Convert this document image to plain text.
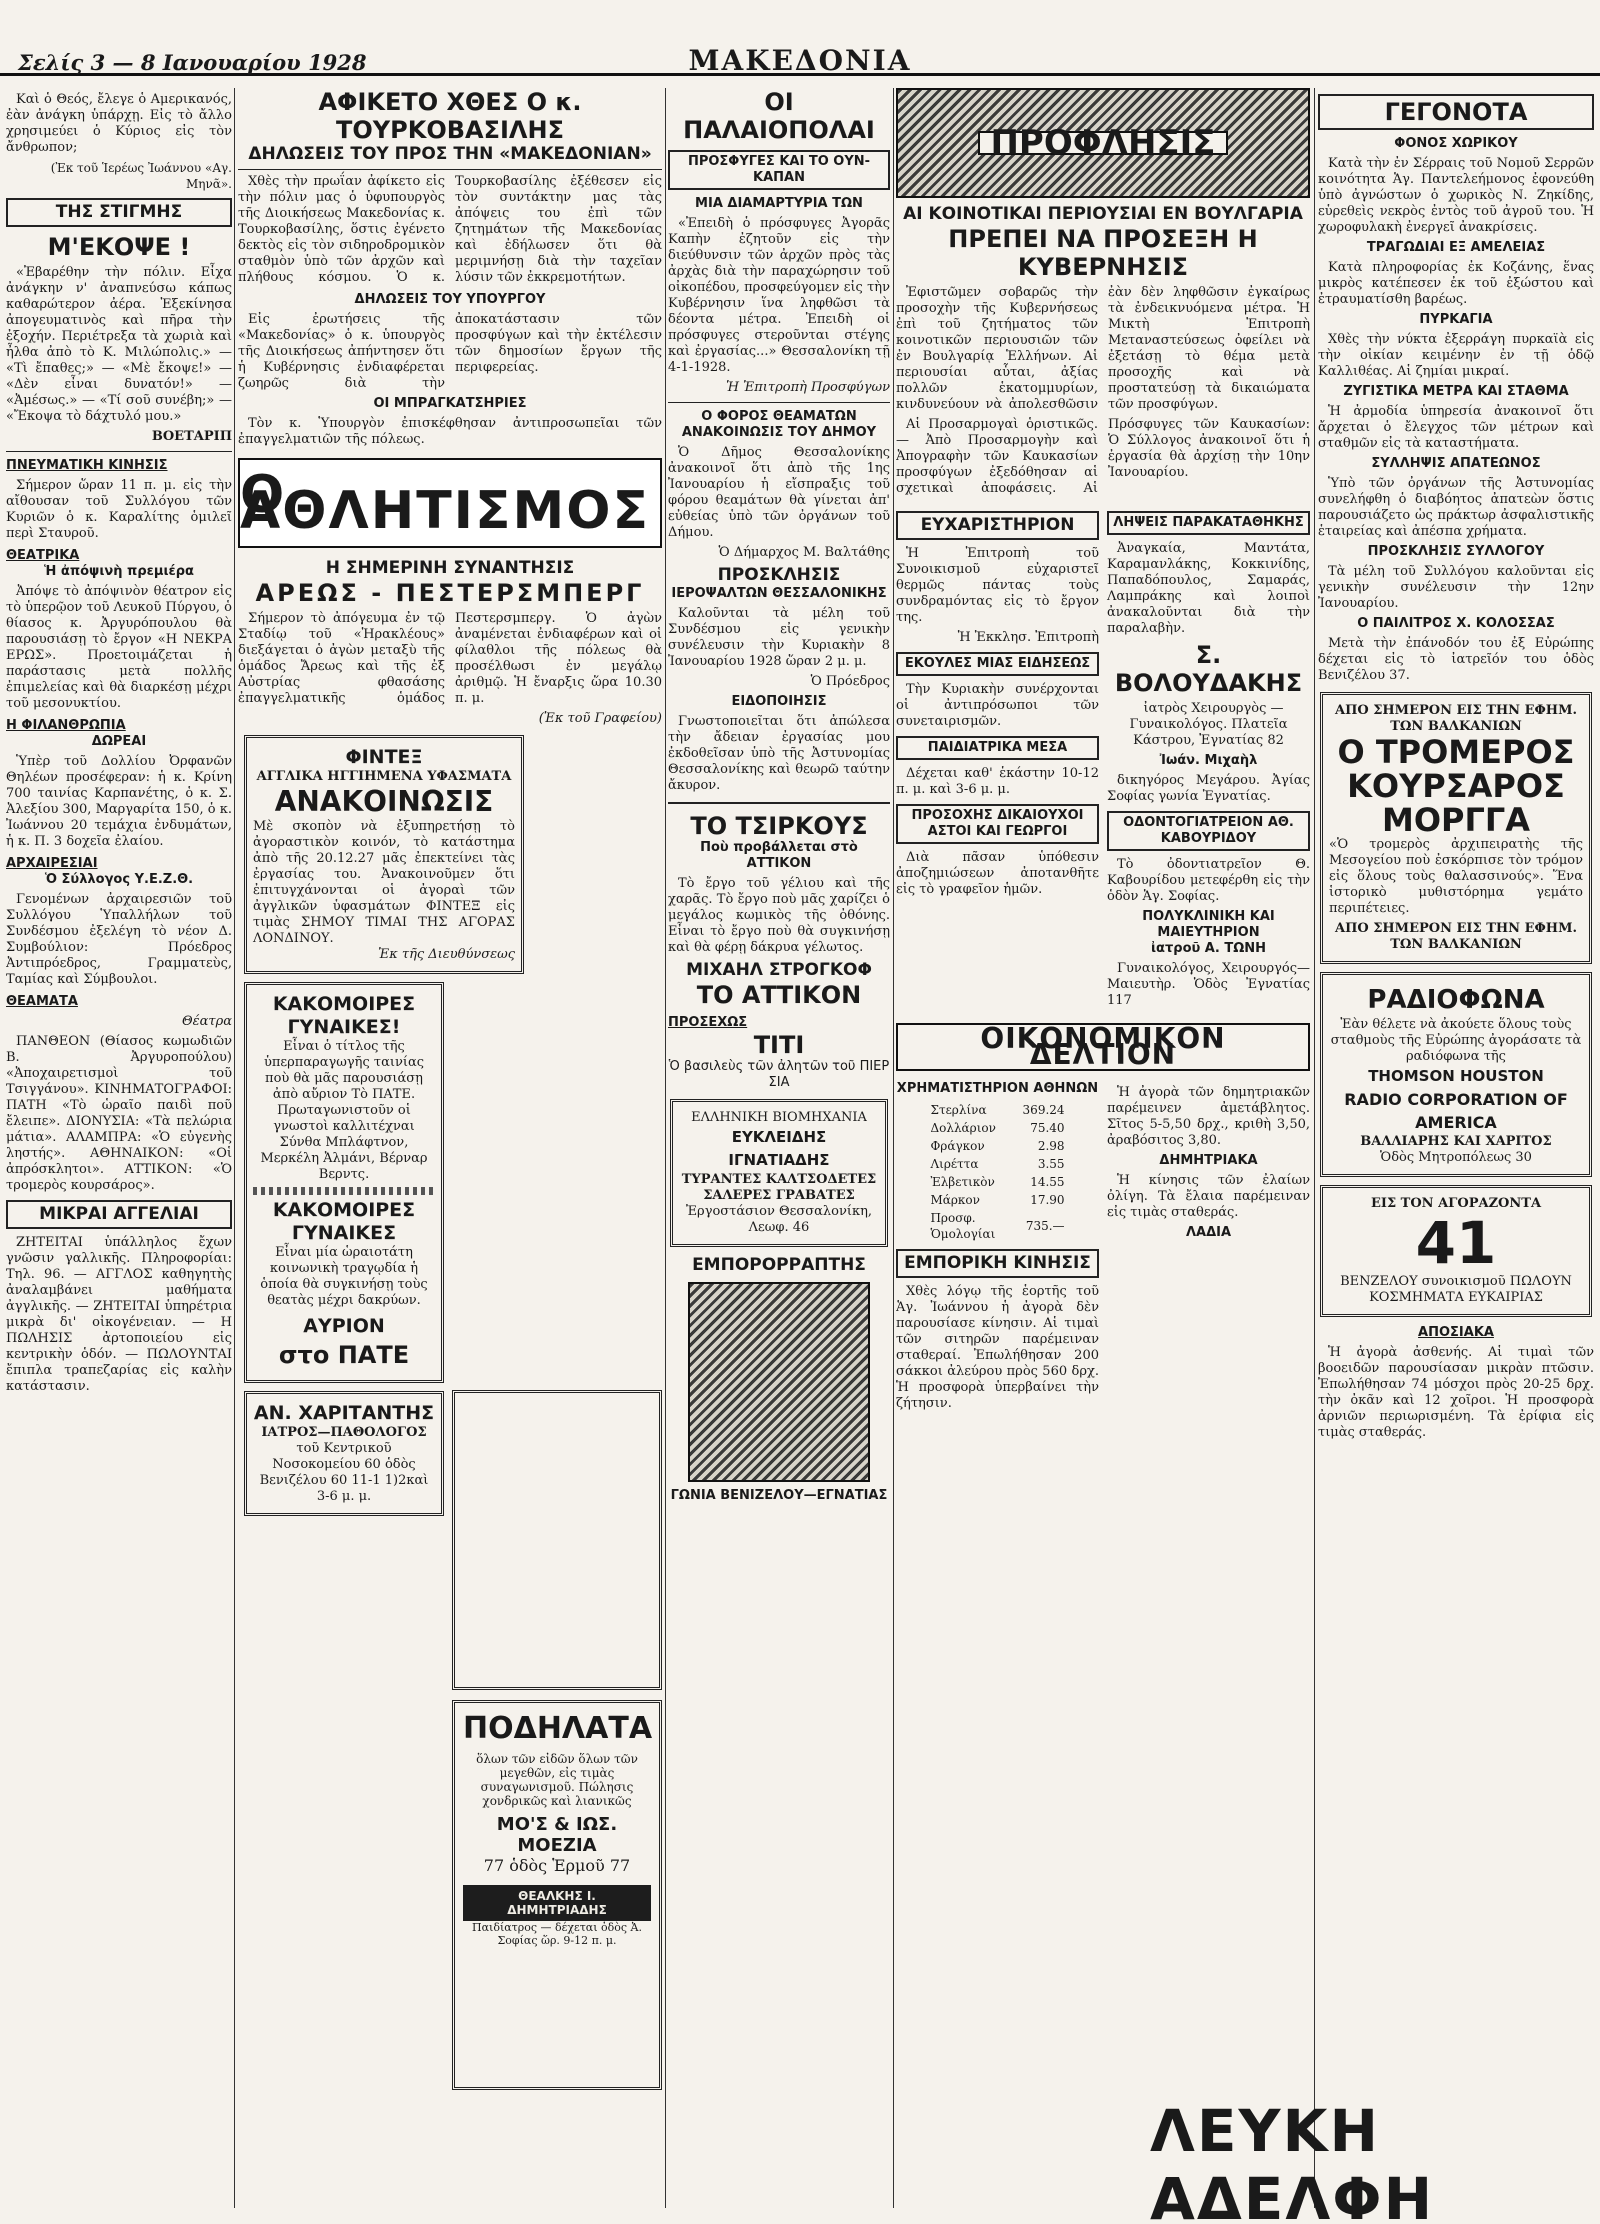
Σελίς 3 — 8 Ιανουαρίου 1928	ΜΑΚΕΔΟΝΙΑ
Καὶ ὁ Θεός, ἔλεγε ὁ Αμερικανός, ἐὰν ἀνάγκη ὑπάρχῃ. Εἰς τὸ ἄλλο χρησιμεύει ὁ Κύριος εἰς τὸν ἄνθρωπον;
(Ἐκ τοῦ Ἱερέως Ἰωάννου «Αγ. Μηνᾶ».
ΤΗΣ ΣΤΙΓΜΗΣ
Μ'ΕΚΟΨΕ !
«Ἐβαρέθην τὴν πόλιν. Εἶχα ἀνάγκην ν' ἀναπνεύσω κάπως καθαρώτερον ἀέρα. Ἐξεκίνησα ἀπογευματινὸς καὶ πῆρα τὴν ἐξοχήν. Περιέτρεξα τὰ χωριὰ καὶ ἦλθα ἀπὸ τὸ Κ. Μιλώπολις.» — «Τὶ ἔπαθες;» — «Μὲ ἔκοψε!» — «Δὲν εἶναι δυνατόν!» — «Ἀμέσως.» — «Τί σοῦ συνέβη;» — «Ἔκοψα τὸ δάχτυλό μου.»
ΒΟΕΤΑΡΙΠ
ΠΝΕΥΜΑΤΙΚΗ ΚΙΝΗΣΙΣ
Σήμερον ὥραν 11 π. μ. εἰς τὴν αἴθουσαν τοῦ Συλλόγου τῶν Κυριῶν ὁ κ. Καραλίτης ὁμιλεῖ περὶ Σταυροῦ.
ΘΕΑΤΡΙΚΑ
Ἡ ἀπόψινὴ πρεμιέρα
Ἀπόψε τὸ ἀπόψινὸν θέατρον εἰς τὸ ὑπερῷον τοῦ Λευκοῦ Πύργου, ὁ θίασος κ. Ἀργυρόπουλου θὰ παρουσιάσῃ τὸ ἔργον «Η ΝΕΚΡΑ ΕΡΩΣ». Προετοιμάζεται ἡ παράστασις μετὰ πολλῆς ἐπιμελείας καὶ θὰ διαρκέσῃ μέχρι τοῦ μεσονυκτίου.
Η ΦΙΛΑΝΘΡΩΠΙΑ
ΔΩΡΕΑΙ
Ὑπὲρ τοῦ Δολλίου Ὀρφανῶν Θηλέων προσέφεραν: ἡ κ. Κρίνη 700 ταινίας Καρπανέτης, ὁ κ. Σ. Ἀλεξίου 300, Μαργαρίτα 150, ὁ κ. Ἰωάννου 20 τεμάχια ἐνδυμάτων, ἡ κ. Π. 3 δοχεῖα ἐλαίου.
ΑΡΧΑΙΡΕΣΙΑΙ
Ὁ Σύλλογος Υ.Ε.Ζ.Θ.
Γενομένων ἀρχαιρεσιῶν τοῦ Συλλόγου Ὑπαλλήλων τοῦ Συνδέσμου ἐξελέγη τὸ νέον Δ. Συμβούλιον: Πρόεδρος Ἀντιπρόεδρος, Γραμματεὺς, Ταμίας καὶ Σύμβουλοι.
ΘΕΑΜΑΤΑ
Θέατρα
ΠΑΝΘΕΟΝ (Θίασος κωμωδιῶν Β. Ἀργυροπούλου) «Ἀποχαιρετισμοὶ τοῦ Τσιγγάνου». ΚΙΝΗΜΑΤΟΓΡΑΦΟΙ: ΠΑΤΗ «Τὸ ὡραῖο παιδὶ ποῦ ἔλειπε». ΔΙΟΝΥΣΙΑ: «Τὰ πελώρια μάτια». ΑΛΑΜΠΡΑ: «Ὁ εὐγενὴς ληστής». ΑΘΗΝΑΙΚΟΝ: «Οἱ ἀπρόσκλητοι». ΑΤΤΙΚΟΝ: «Ὁ τρομερὸς κουρσάρος».
ΜΙΚΡΑΙ ΑΓΓΕΛΙΑΙ
ΖΗΤΕΙΤΑΙ ὑπάλληλος ἔχων γνῶσιν γαλλικῆς. Πληροφορίαι: Τηλ. 96. — ΑΓΓΛΟΣ καθηγητὴς ἀναλαμβάνει μαθήματα ἀγγλικῆς. — ΖΗΤΕΙΤΑΙ ὑπηρέτρια μικρὰ δι' οἰκογένειαν. — Η ΠΩΛΗΣΙΣ ἀρτοποιείου εἰς κεντρικὴν ὁδόν. — ΠΩΛΟΥΝΤΑΙ ἔπιπλα τραπεζαρίας εἰς καλὴν κατάστασιν.
ΑΦΙΚΕΤΟ ΧΘΕΣ Ο κ. ΤΟΥΡΚΟΒΑΣΙΛΗΣ
ΔΗΛΩΣΕΙΣ ΤΟΥ ΠΡΟΣ ΤΗΝ «ΜΑΚΕΔΟΝΙΑΝ»
Χθὲς τὴν πρωΐαν ἀφίκετο εἰς τὴν πόλιν μας ὁ ὑφυπουργὸς τῆς Διοικήσεως Μακεδονίας κ. Τουρκοβασίλης, ὅστις ἐγένετο δεκτὸς εἰς τὸν σιδηροδρομικὸν σταθμὸν ὑπὸ τῶν ἀρχῶν καὶ πλήθους κόσμου. Ὁ κ. Τουρκοβασίλης ἐξέθεσεν εἰς τὸν συντάκτην μας τὰς ἀπόψεις του ἐπὶ τῶν ζητημάτων τῆς Μακεδονίας καὶ ἐδήλωσεν ὅτι θὰ μεριμνήσῃ διὰ τὴν ταχεῖαν λύσιν τῶν ἐκκρεμοτήτων.
ΔΗΛΩΣΕΙΣ ΤΟΥ ΥΠΟΥΡΓΟΥ
Εἰς ἐρωτήσεις τῆς «Μακεδονίας» ὁ κ. ὑπουργὸς τῆς Διοικήσεως ἀπήντησεν ὅτι ἡ Κυβέρνησις ἐνδιαφέρεται ζωηρῶς διὰ τὴν ἀποκατάστασιν τῶν προσφύγων καὶ τὴν ἐκτέλεσιν τῶν δημοσίων ἔργων τῆς περιφερείας.
ΟΙ ΜΠΡΑΓΚΑΤΣΗΡΙΕΣ
Τὸν κ. Ὑπουργὸν ἐπισκέφθησαν ἀντιπροσωπεῖαι τῶν ἐπαγγελματιῶν τῆς πόλεως.
Ο ΑΘΛΗΤΙΣΜΟΣ
Η ΣΗΜΕΡΙΝΗ ΣΥΝΑΝΤΗΣΙΣ
ΑΡΕΩΣ - ΠΕΣΤΕΡΣΜΠΕΡΓ
Σήμερον τὸ ἀπόγευμα ἐν τῷ Σταδίῳ τοῦ «Ἡρακλέους» διεξάγεται ὁ ἀγὼν μεταξὺ τῆς ὁμάδος Ἄρεως καὶ τῆς ἐξ Αὐστρίας φθασάσης ἐπαγγελματικῆς ὁμάδος Πεστερσμπεργ. Ὁ ἀγὼν ἀναμένεται ἐνδιαφέρων καὶ οἱ φίλαθλοι τῆς πόλεως θὰ προσέλθωσι ἐν μεγάλῳ ἀριθμῷ. Ἡ ἔναρξις ὥρα 10.30 π. μ.
(Ἐκ τοῦ Γραφείου)
ΦΙΝΤΕΞ
ΑΓΓΛΙΚΑ ΗΓΓΙΗΜΕΝΑ ΥΦΑΣΜΑΤΑ
ΑΝΑΚΟΙΝΩΣΙΣ
Μὲ σκοπὸν νὰ ἐξυπηρετήσῃ τὸ ἀγοραστικὸν κοινόν, τὸ κατάστημα ἀπὸ τῆς 20.12.27 μᾶς ἐπεκτείνει τὰς ἐργασίας του. Ἀνακοινοῦμεν ὅτι ἐπιτυγχάνονται οἱ ἀγοραὶ τῶν ἀγγλικῶν ὑφασμάτων ΦΙΝΤΕΞ εἰς τιμὰς ΣΗΜΟΥ ΤΙΜΑΙ ΤΗΣ ΑΓΟΡΑΣ ΛΟΝΔΙΝΟΥ.
Ἐκ τῆς Διευθύνσεως
ΚΑΚΟΜΟΙΡΕΣ ΓΥΝΑΙΚΕΣ!
Εἶναι ὁ τίτλος τῆς ὑπερπαραγωγῆς ταινίας ποὺ θὰ μᾶς παρουσιάσῃ ἀπὸ αὔριον Τὸ ΠΑΤΕ. Πρωταγωνιστοῦν οἱ γνωστοὶ καλλιτέχναι Σύνθα Μπλάφτνον, Μερκέλη Ἀλμάνι, Βέρναρ Βερντς.
ΚΑΚΟΜΟΙΡΕΣ ΓΥΝΑΙΚΕΣ
Εἶναι μία ὡραιοτάτη κοινωνικὴ τραγῳδία ἡ ὁποία θὰ συγκινήσῃ τοὺς θεατὰς μέχρι δακρύων.
ΑΥΡΙΟΝ
στο ΠΑΤΕ
ΑΝ. ΧΑΡΙΤΑΝΤΗΣ
ΙΑΤΡΟΣ—ΠΑΘΟΛΟΓΟΣ
τοῦ Κεντρικοῦ Νοσοκομείου 60 ὁδὸς Βενιζέλου 60 11-1 1)2καὶ 3-6 μ. μ.
ΟΙ ΠΑΛΑΙΟΠΟΛΑΙ
ΠΡΟΣΦΥΓΕΣ ΚΑΙ ΤΟ ΟΥΝ-ΚΑΠΑΝ
ΜΙΑ ΔΙΑΜΑΡΤΥΡΙΑ ΤΩΝ
«Ἐπειδὴ ὁ πρόσφυγες Ἀγορᾶς Καπὴν ἐζητοῦν εἰς τὴν διεύθυνσιν τῶν ἀρχῶν πρὸς τὰς ἀρχὰς διὰ τὴν παραχώρησιν τοῦ οἰκοπέδου, προσφεύγομεν εἰς τὴν Κυβέρνησιν ἵνα ληφθῶσι τὰ δέοντα μέτρα. Ἐπειδὴ οἱ πρόσφυγες στεροῦνται στέγης καὶ ἐργασίας...» Θεσσαλονίκη τῇ 4-1-1928.
Ἡ Ἐπιτροπὴ Προσφύγων
Ο ΦΟΡΟΣ ΘΕΑΜΑΤΩΝ
ΑΝΑΚΟΙΝΩΣΙΣ ΤΟΥ ΔΗΜΟΥ
Ὁ Δῆμος Θεσσαλονίκης ἀνακοινοῖ ὅτι ἀπὸ τῆς 1ης Ἰανουαρίου ἡ εἴσπραξις τοῦ φόρου θεαμάτων θὰ γίνεται ἀπ' εὐθείας ὑπὸ τῶν ὀργάνων τοῦ Δήμου.
Ὁ Δήμαρχος Μ. Βαλτάθης
ΠΡΟΣΚΛΗΣΙΣ
ΙΕΡΟΨΑΛΤΩΝ ΘΕΣΣΑΛΟΝΙΚΗΣ
Καλοῦνται τὰ μέλη τοῦ Συνδέσμου εἰς γενικὴν συνέλευσιν τὴν Κυριακὴν 8 Ἰανουαρίου 1928 ὥραν 2 μ. μ.
Ὁ Πρόεδρος
ΕΙΔΟΠΟΙΗΣΙΣ
Γνωστοποιεῖται ὅτι ἀπώλεσα τὴν ἄδειαν ἐργασίας μου ἐκδοθεῖσαν ὑπὸ τῆς Ἀστυνομίας Θεσσαλονίκης καὶ θεωρῶ ταύτην ἄκυρον.
ΤΟ ΤΣΙΡΚΟΥΣ
Ποὺ προβάλλεται στὸ ΑΤΤΙΚΟΝ
Τὸ ἔργο τοῦ γέλιου καὶ τῆς χαρᾶς. Τὸ ἔργο ποὺ μᾶς χαρίζει ὁ μεγάλος κωμικὸς τῆς ὀθόνης. Εἶναι τὸ ἔργο ποὺ θὰ συγκινήσῃ καὶ θὰ φέρῃ δάκρυα γέλωτος.
ΜΙΧΑΗΛ ΣΤΡΟΓΚΟΦ
ΤΟ ΑΤΤΙΚΟΝ
ΠΡΟΣΕΧΩΣ
ΤΙΤΙ
Ὁ βασιλεὺς τῶν ἀλητῶν τοῦ ΠΙΕΡ ΣΙΑ
ΕΛΛΗΝΙΚΗ ΒΙΟΜΗΧΑΝΙΑ
ΕΥΚΛΕΙΔΗΣ ΙΓΝΑΤΙΑΔΗΣ
ΤΥΡΑΝΤΕΣ ΚΑΛΤΣΟΔΕΤΕΣ ΣΑΛΕΡΕΣ ΓΡΑΒΑΤΕΣ
Ἐργοστάσιον Θεσσαλονίκη, Λεωφ. 46
ΕΜΠΟΡΟΡΡΑΠΤΗΣ
ΓΩΝΙΑ ΒΕΝΙΖΕΛΟΥ—ΕΓΝΑΤΙΑΣ
ΠΟΔΗΛΑΤΑ
ὅλων τῶν εἰδῶν ὅλων τῶν μεγεθῶν, εἰς τιμὰς συναγωνισμοῦ. Πώλησις χονδρικῶς καὶ λιανικῶς
ΜΟ'Σ & ΙΩΣ. ΜΟΕΖΙΑ
77 ὁδὸς Ἑρμοῦ 77
ΘΕΑΛΚΗΣ Ι. ΔΗΜΗΤΡΙΑΔΗΣ
Παιδίατρος — δέχεται ὁδὸς Ἀ. Σοφίας ὥρ. 9-12 π. μ.
ΠΡΟΦΛΗΣΙΣ
ΑΙ ΚΟΙΝΟΤΙΚΑΙ ΠΕΡΙΟΥΣΙΑΙ ΕΝ ΒΟΥΛΓΑΡΙΑ
ΠΡΕΠΕΙ ΝΑ ΠΡΟΣΕΞΗ Η ΚΥΒΕΡΝΗΣΙΣ
Ἐφιστῶμεν σοβαρῶς τὴν προσοχὴν τῆς Κυβερνήσεως ἐπὶ τοῦ ζητήματος τῶν κοινοτικῶν περιουσιῶν τῶν ἐν Βουλγαρίᾳ Ἑλλήνων. Αἱ περιουσίαι αὗται, ἀξίας πολλῶν ἑκατομμυρίων, κινδυνεύουν νὰ ἀπολεσθῶσιν ἐὰν δὲν ληφθῶσιν ἐγκαίρως τὰ ἐνδεικνυόμενα μέτρα. Ἡ Μικτὴ Ἐπιτροπὴ Μεταναστεύσεως ὀφείλει νὰ ἐξετάσῃ τὸ θέμα μετὰ προσοχῆς καὶ νὰ προστατεύσῃ τὰ δικαιώματα τῶν προσφύγων.
Αἱ Προσαρμογαὶ ὁριστικῶς.— Ἀπὸ Προσαρμογὴν καὶ Ἀπογραφὴν τῶν Καυκασίων προσφύγων ἐξεδόθησαν αἱ σχετικαὶ ἀποφάσεις. Αἱ Πρόσφυγες τῶν Καυκασίων: Ὁ Σύλλογος ἀνακοινοῖ ὅτι ἡ ἐργασία θὰ ἀρχίσῃ τὴν 10ην Ἰανουαρίου.
ΕΥΧΑΡΙΣΤΗΡΙΟΝ
Ἡ Ἐπιτροπὴ τοῦ Συνοικισμοῦ εὐχαριστεῖ θερμῶς πάντας τοὺς συνδραμόντας εἰς τὸ ἔργον της.
Ἡ Ἐκκλησ. Ἐπιτροπὴ
ΕΚΟΥΛΕΣ ΜΙΑΣ ΕΙΔΗΣΕΩΣ
Τὴν Κυριακὴν συνέρχονται οἱ ἀντιπρόσωποι τῶν συνεταιρισμῶν.
ΠΑΙΔΙΑΤΡΙΚΑ ΜΕΣΑ
Δέχεται καθ' ἑκάστην 10-12 π. μ. καὶ 3-6 μ. μ.
ΠΡΟΣΟΧΗΣ ΔΙΚΑΙΟΥΧΟΙ ΑΣΤΟΙ ΚΑΙ ΓΕΩΡΓΟΙ
Διὰ πᾶσαν ὑπόθεσιν ἀποζημιώσεων ἀποτανθῆτε εἰς τὸ γραφεῖον ἡμῶν.
ΛΗΨΕΙΣ ΠΑΡΑΚΑΤΑΘΗΚΗΣ
Ἀναγκαία, Μαντάτα, Καραμανλάκης, Κοκκινίδης, Παπαδόπουλος, Σαμαράς, Λαμπράκης καὶ λοιποὶ ἀνακαλοῦνται διὰ τὴν παραλαβὴν.
Σ. ΒΟΛΟΥΔΑΚΗΣ
ἰατρὸς Χειρουργὸς — Γυναικολόγος. Πλατεῖα Κάστρου, Ἐγνατίας 82
Ἰωάν. Μιχαὴλ
δικηγόρος Μεγάρου. Ἀγίας Σοφίας γωνία Ἐγνατίας.
ΟΔΟΝΤΟΓΙΑΤΡΕΙΟΝ ΑΘ. ΚΑΒΟΥΡΙΔΟΥ
Τὸ ὀδοντιατρεῖον Θ. Καβουρίδου μετεφέρθη εἰς τὴν ὁδὸν Ἁγ. Σοφίας.
ΠΟΛΥΚΛΙΝΙΚΗ ΚΑΙ ΜΑΙΕΥΤΗΡΙΟΝ
ἰατροῦ Α. ΤΩΝΗ
Γυναικολόγος, Χειρουργός—Μαιευτὴρ. Ὁδὸς Ἐγνατίας 117
ΟΙΚΟΝΟΜΙΚΟΝ ΔΕΛΤΙΟΝ
ΧΡΗΜΑΤΙΣΤΗΡΙΟΝ ΑΘΗΝΩΝ
Στερλίνα	369.24
Δολλάριον	75.40
Φράγκον	2.98
Λιρέττα	3.55
Ἐλβετικὸν	14.55
Μάρκον	17.90
Προσφ. Ὁμολογίαι	735.—
ΕΜΠΟΡΙΚΗ ΚΙΝΗΣΙΣ
Χθὲς λόγῳ τῆς ἑορτῆς τοῦ Ἁγ. Ἰωάννου ἡ ἀγορὰ δὲν παρουσίασε κίνησιν. Αἱ τιμαὶ τῶν σιτηρῶν παρέμειναν σταθεραί. Ἐπωλήθησαν 200 σάκκοι ἀλεύρου πρὸς 560 δρχ. Ἡ προσφορὰ ὑπερβαίνει τὴν ζήτησιν.
Ἡ ἀγορὰ τῶν δημητριακῶν παρέμεινεν ἀμετάβλητος. Σῖτος 5-5,50 δρχ., κριθὴ 3,50, ἀραβόσιτος 3,80.
ΔΗΜΗΤΡΙΑΚΑ
Ἡ κίνησις τῶν ἐλαίων ὀλίγη. Τὰ ἔλαια παρέμειναν εἰς τιμὰς σταθεράς.
ΛΑΔΙΑ
ΛΕΥΚΗ ΑΔΕΛΦΗ
ΓΕΓΟΝΟΤΑ
ΦΟΝΟΣ ΧΩΡΙΚΟΥ
Κατὰ τὴν ἐν Σέρραις τοῦ Νομοῦ Σερρῶν κοινότητα Ἁγ. Παντελεήμονος ἐφονεύθη ὑπὸ ἀγνώστων ὁ χωρικὸς Ν. Ζηκίδης, εὑρεθεὶς νεκρὸς ἐντὸς τοῦ ἀγροῦ του. Ἡ χωροφυλακὴ ἐνεργεῖ ἀνακρίσεις.
ΤΡΑΓΩΔΙΑΙ ΕΞ ΑΜΕΛΕΙΑΣ
Κατὰ πληροφορίας ἐκ Κοζάνης, ἕνας μικρὸς κατέπεσεν ἐκ τοῦ ἐξώστου καὶ ἐτραυματίσθη βαρέως.
ΠΥΡΚΑΓΙΑ
Χθὲς τὴν νύκτα ἐξερράγη πυρκαϊὰ εἰς τὴν οἰκίαν κειμένην ἐν τῇ ὁδῷ Καλλιθέας. Αἱ ζημίαι μικραί.
ΖΥΓΙΣΤΙΚΑ ΜΕΤΡΑ ΚΑΙ ΣΤΑΘΜΑ
Ἡ ἀρμοδία ὑπηρεσία ἀνακοινοῖ ὅτι ἄρχεται ὁ ἔλεγχος τῶν μέτρων καὶ σταθμῶν εἰς τὰ καταστήματα.
ΣΥΛΛΗΨΙΣ ΑΠΑΤΕΩΝΟΣ
Ὑπὸ τῶν ὀργάνων τῆς Ἀστυνομίας συνελήφθη ὁ διαβόητος ἀπατεὼν ὅστις παρουσιάζετο ὡς πράκτωρ ἀσφαλιστικῆς ἑταιρείας καὶ ἀπέσπα χρήματα.
ΠΡΟΣΚΛΗΣΙΣ ΣΥΛΛΟΓΟΥ
Τὰ μέλη τοῦ Συλλόγου καλοῦνται εἰς γενικὴν συνέλευσιν τὴν 12ην Ἰανουαρίου.
Ο ΠΑΙΛΙΤΡΟΣ Χ. ΚΟΛΟΣΣΑΣ
Μετὰ τὴν ἐπάνοδόν του ἐξ Εὐρώπης δέχεται εἰς τὸ ἰατρεῖόν του ὁδὸς Βενιζέλου 37.
ΑΠΟ ΣΗΜΕΡΟΝ ΕΙΣ ΤΗΝ ΕΦΗΜ. ΤΩΝ ΒΑΛΚΑΝΙΩΝ
Ο ΤΡΟΜΕΡΟΣ ΚΟΥΡΣΑΡΟΣ ΜΟΡΓΓΑ
«Ὁ τρομερὸς ἀρχιπειρατὴς τῆς Μεσογείου ποὺ ἐσκόρπισε τὸν τρόμον εἰς ὅλους τοὺς θαλασσινούς». Ἕνα ἱστορικὸ μυθιστόρημα γεμάτο περιπέτειες.
ΑΠΟ ΣΗΜΕΡΟΝ ΕΙΣ ΤΗΝ ΕΦΗΜ. ΤΩΝ ΒΑΛΚΑΝΙΩΝ
ΡΑΔΙΟΦΩΝΑ
Ἐὰν θέλετε νὰ ἀκούετε ὅλους τοὺς σταθμοὺς τῆς Εὐρώπης ἀγοράσατε τὰ ραδιόφωνα τῆς
THOMSON HOUSTON
RADIO CORPORATION OF AMERICA
ΒΑΛΛΙΑΡΗΣ ΚΑΙ ΧΑΡΙΤΟΣ
Ὁδὸς Μητροπόλεως 30
ΕΙΣ ΤΟΝ ΑΓΟΡΑΖΟΝΤΑ
41
ΒΕΝΖΕΛΟΥ συνοικισμοῦ ΠΩΛΟΥΝ ΚΟΣΜΗΜΑΤΑ ΕΥΚΑΙΡΙΑΣ
ΑΠΟΣΙΑΚΑ
Ἡ ἀγορὰ ἀσθενής. Αἱ τιμαὶ τῶν βοοειδῶν παρουσίασαν μικρὰν πτῶσιν. Ἐπωλήθησαν 74 μόσχοι πρὸς 20-25 δρχ. τὴν ὀκᾶν καὶ 12 χοῖροι. Ἡ προσφορὰ ἀρνιῶν περιωρισμένη. Τὰ ἐρίφια εἰς τιμὰς σταθεράς.
